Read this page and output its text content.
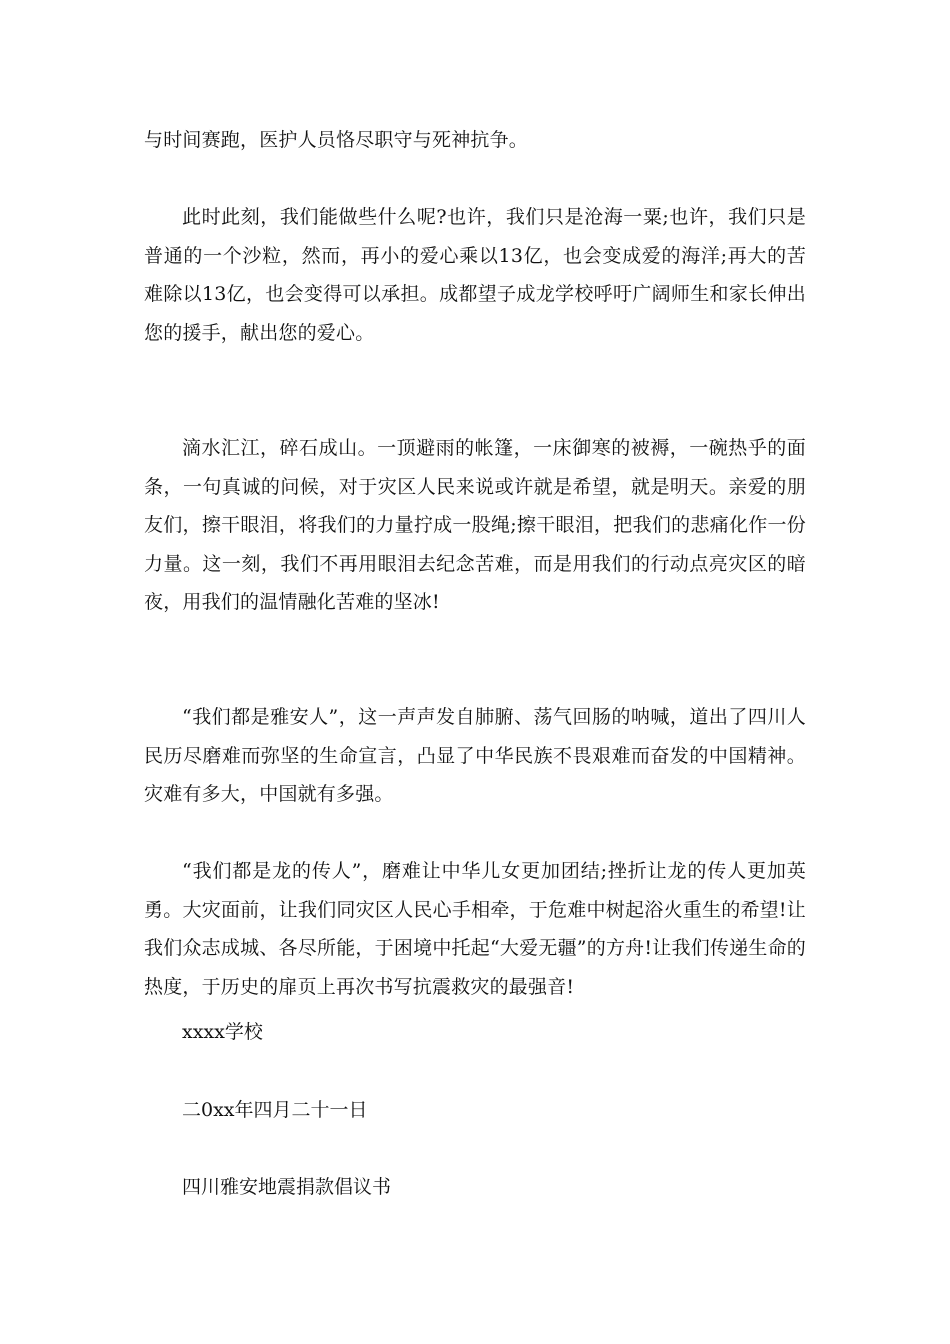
与时间赛跑，医护人员恪尽职守与死神抗争。

此时此刻，我们能做些什么呢?也许，我们只是沧海一粟;也许，我们只是普通的一个沙粒，然而，再小的爱心乘以13亿，也会变成爱的海洋;再大的苦难除以13亿，也会变得可以承担。成都望子成龙学校呼吁广阔师生和家长伸出您的援手，献出您的爱心。

滴水汇江，碎石成山。一顶避雨的帐篷，一床御寒的被褥，一碗热乎的面条，一句真诚的问候，对于灾区人民来说或许就是希望，就是明天。亲爱的朋友们，擦干眼泪，将我们的力量拧成一股绳;擦干眼泪，把我们的悲痛化作一份力量。这一刻，我们不再用眼泪去纪念苦难，而是用我们的行动点亮灾区的暗夜，用我们的温情融化苦难的坚冰!

“我们都是雅安人”，这一声声发自肺腑、荡气回肠的呐喊，道出了四川人民历尽磨难而弥坚的生命宣言，凸显了中华民族不畏艰难而奋发的中国精神。灾难有多大，中国就有多强。

“我们都是龙的传人”，磨难让中华儿女更加团结;挫折让龙的传人更加英勇。大灾面前，让我们同灾区人民心手相牵，于危难中树起浴火重生的希望!让我们众志成城、各尽所能，于困境中托起“大爱无疆”的方舟!让我们传递生命的热度，于历史的扉页上再次书写抗震救灾的最强音!

xxxx学校

二0xx年四月二十一日

四川雅安地震捐款倡议书
